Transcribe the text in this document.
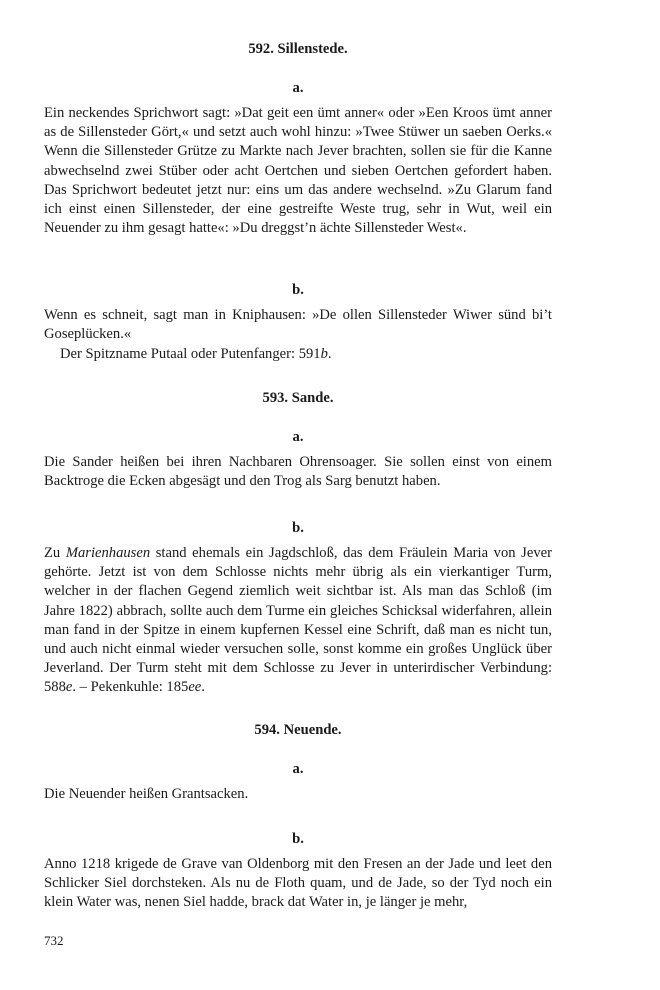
592. Sillenstede.
a.

Ein neckendes Sprichwort sagt: »Dat geit een ümt anner« oder »Een Kroos ümt anner as de Sillensteder Gört,« und setzt auch wohl hinzu: »Twee Stüwer un saeben Oerks.« Wenn die Sillensteder Grütze zu Markte nach Jever brachten, sollen sie für die Kanne abwechselnd zwei Stüber oder acht Oertchen und sieben Oertchen gefordert haben. Das Sprichwort bedeutet jetzt nur: eins um das andere wechselnd. »Zu Glarum fand ich einst einen Sillensteder, der eine gestreifte Weste trug, sehr in Wut, weil ein Neuender zu ihm gesagt hatte«: »Du dreggst’n ächte Sillensteder West«.

b.

Wenn es schneit, sagt man in Kniphausen: »De ollen Sillensteder Wiwer sünd bi’t Goseplücken.«

Der Spitzname Putaal oder Putenfanger: 591b.

593. Sande.
a.

Die Sander heißen bei ihren Nachbaren Ohrensoager. Sie sollen einst von einem Backtroge die Ecken abgesägt und den Trog als Sarg benutzt haben.

b.

Zu Marienhausen stand ehemals ein Jagdschloß, das dem Fräulein Maria von Jever gehörte. Jetzt ist von dem Schlosse nichts mehr übrig als ein vierkantiger Turm, welcher in der flachen Gegend ziemlich weit sichtbar ist. Als man das Schloß (im Jahre 1822) abbrach, sollte auch dem Turme ein gleiches Schicksal widerfahren, allein man fand in der Spitze in einem kupfernen Kessel eine Schrift, daß man es nicht tun, und auch nicht einmal wieder versuchen solle, sonst komme ein großes Unglück über Jeverland. Der Turm steht mit dem Schlosse zu Jever in unterirdischer Verbindung: 588e. – Pekenkuhle: 185ee.

594. Neuende.
a.

Die Neuender heißen Grantsacken.

b.

Anno 1218 krigede de Grave van Oldenborg mit den Fresen an der Jade und leet den Schlicker Siel dorchsteken. Als nu de Floth quam, und de Jade, so der Tyd noch ein klein Water was, nenen Siel hadde, brack dat Water in, je länger je mehr,

732
